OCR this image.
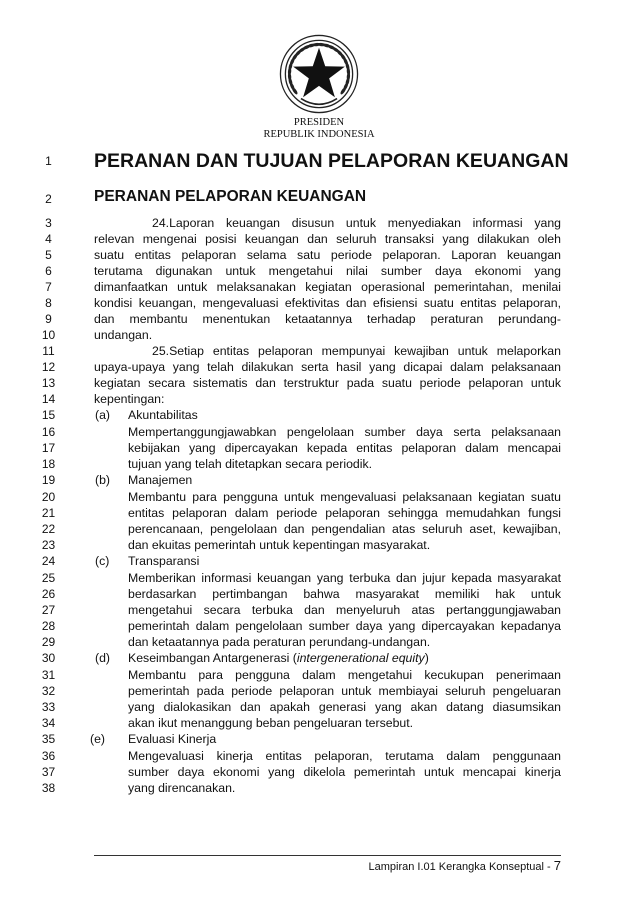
PRESIDEN
REPUBLIK INDONESIA
1	PERANAN DAN TUJUAN PELAPORAN KEUANGAN
2	PERANAN PELAPORAN KEUANGAN
3	24.Laporan keuangan disusun untuk menyediakan informasi yang
4	relevan mengenai posisi keuangan dan seluruh transaksi yang dilakukan oleh
5	suatu entitas pelaporan selama satu periode pelaporan. Laporan keuangan
6	terutama digunakan untuk mengetahui nilai sumber daya ekonomi yang
7	dimanfaatkan untuk melaksanakan kegiatan operasional pemerintahan, menilai
8	kondisi keuangan, mengevaluasi efektivitas dan efisiensi suatu entitas pelaporan,
9	dan membantu menentukan ketaatannya terhadap peraturan perundang-
10	undangan.
11	25.Setiap entitas pelaporan mempunyai kewajiban untuk melaporkan
12	upaya-upaya yang telah dilakukan serta hasil yang dicapai dalam pelaksanaan
13	kegiatan secara sistematis dan terstruktur pada suatu periode pelaporan untuk
14	kepentingan:
15	(a)	Akuntabilitas
16	Mempertanggungjawabkan pengelolaan sumber daya serta pelaksanaan
17	kebijakan yang dipercayakan kepada entitas pelaporan dalam mencapai
18	tujuan yang telah ditetapkan secara periodik.
19	(b)	Manajemen
20	Membantu para pengguna untuk mengevaluasi pelaksanaan kegiatan suatu
21	entitas pelaporan dalam periode pelaporan sehingga memudahkan fungsi
22	perencanaan, pengelolaan dan pengendalian atas seluruh aset, kewajiban,
23	dan ekuitas pemerintah untuk kepentingan masyarakat.
24	(c)	Transparansi
25	Memberikan informasi keuangan yang terbuka dan jujur kepada masyarakat
26	berdasarkan pertimbangan bahwa masyarakat memiliki hak untuk
27	mengetahui secara terbuka dan menyeluruh atas pertanggungjawaban
28	pemerintah dalam pengelolaan sumber daya yang dipercayakan kepadanya
29	dan ketaatannya pada peraturan perundang-undangan.
30	(d)	Keseimbangan Antargenerasi (intergenerational equity)
31	Membantu para pengguna dalam mengetahui kecukupan penerimaan
32	pemerintah pada periode pelaporan untuk membiayai seluruh pengeluaran
33	yang dialokasikan dan apakah generasi yang akan datang diasumsikan
34	akan ikut menanggung beban pengeluaran tersebut.
35	(e)	Evaluasi Kinerja
36	Mengevaluasi kinerja entitas pelaporan, terutama dalam penggunaan
37	sumber daya ekonomi yang dikelola pemerintah untuk mencapai kinerja
38	yang direncanakan.
Lampiran I.01 Kerangka Konseptual - 7
